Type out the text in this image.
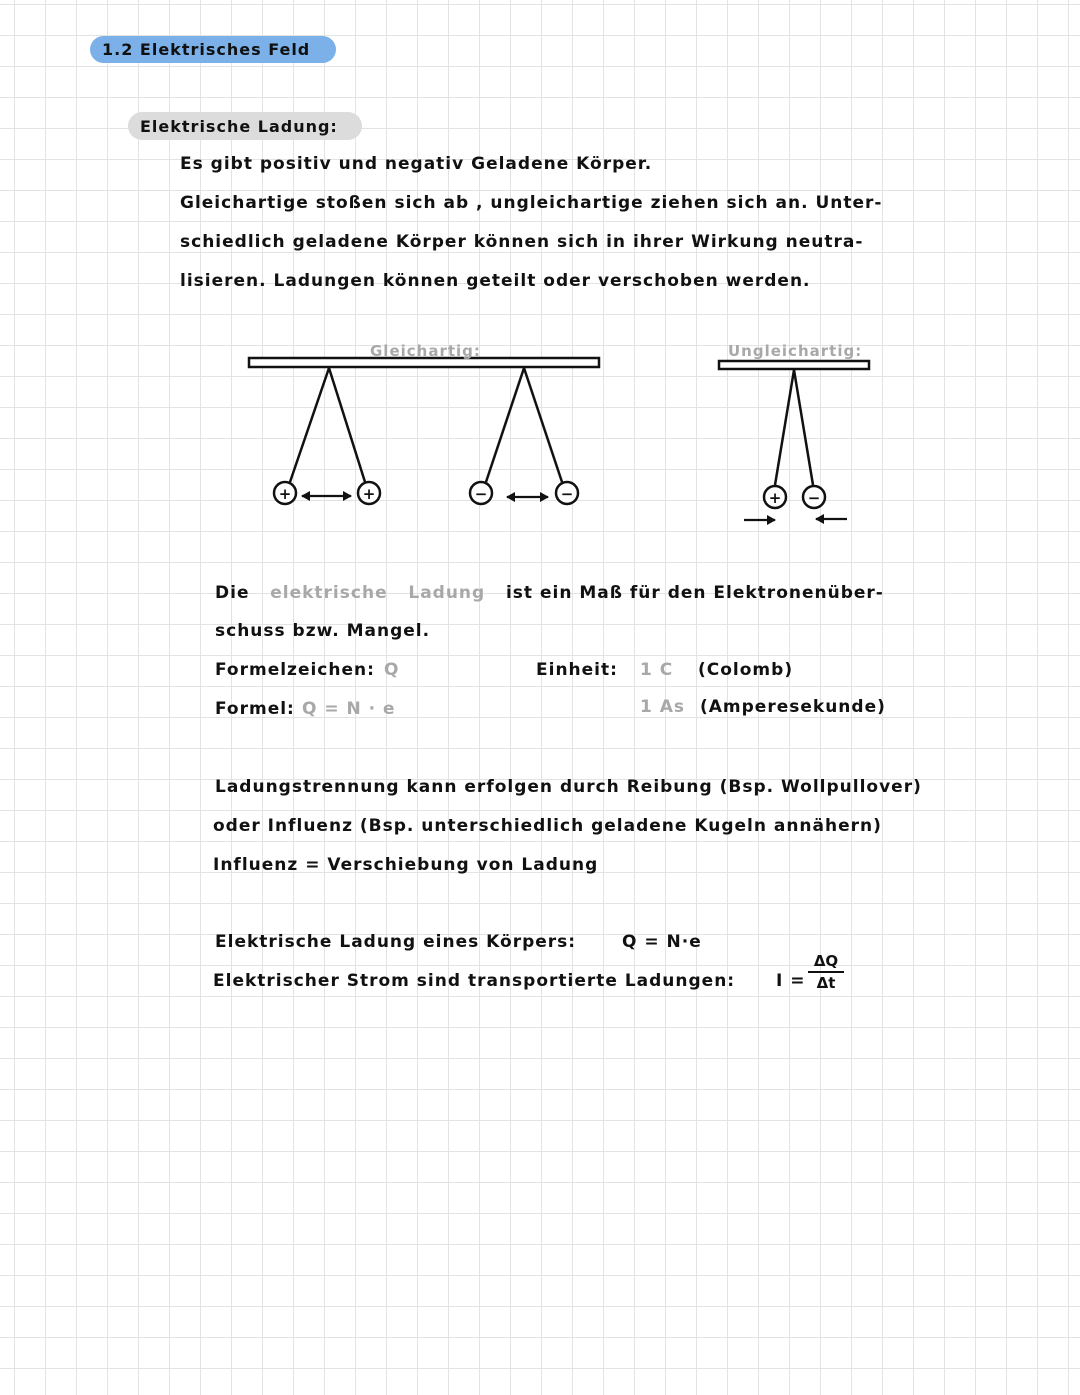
1.2 Elektrisches Feld
Elektrische Ladung:
Es gibt positiv und negativ Geladene Körper.
Gleichartige stoßen sich ab , ungleichartige ziehen sich an. Unter-
schiedlich geladene Körper können sich in ihrer Wirkung neutra-
lisieren. Ladungen können geteilt oder verschoben werden.
+	+	−	−	+ −
Gleichartig:	Ungleichartig:
Die elektrische Ladung ist ein Maß für den Elektronenüber-
schuss bzw. Mangel.
Formelzeichen: Q	Einheit: 1 C (Colomb)
Formel: Q = N · e	1 As (Amperesekunde)
Ladungstrennung kann erfolgen durch Reibung (Bsp. Wollpullover)
oder Influenz (Bsp. unterschiedlich geladene Kugeln annähern)
Influenz = Verschiebung von Ladung
Elektrische Ladung eines Körpers:	Q = N·e
Elektrischer Strom sind transportierte Ladungen: I =
ΔQ
Δt
